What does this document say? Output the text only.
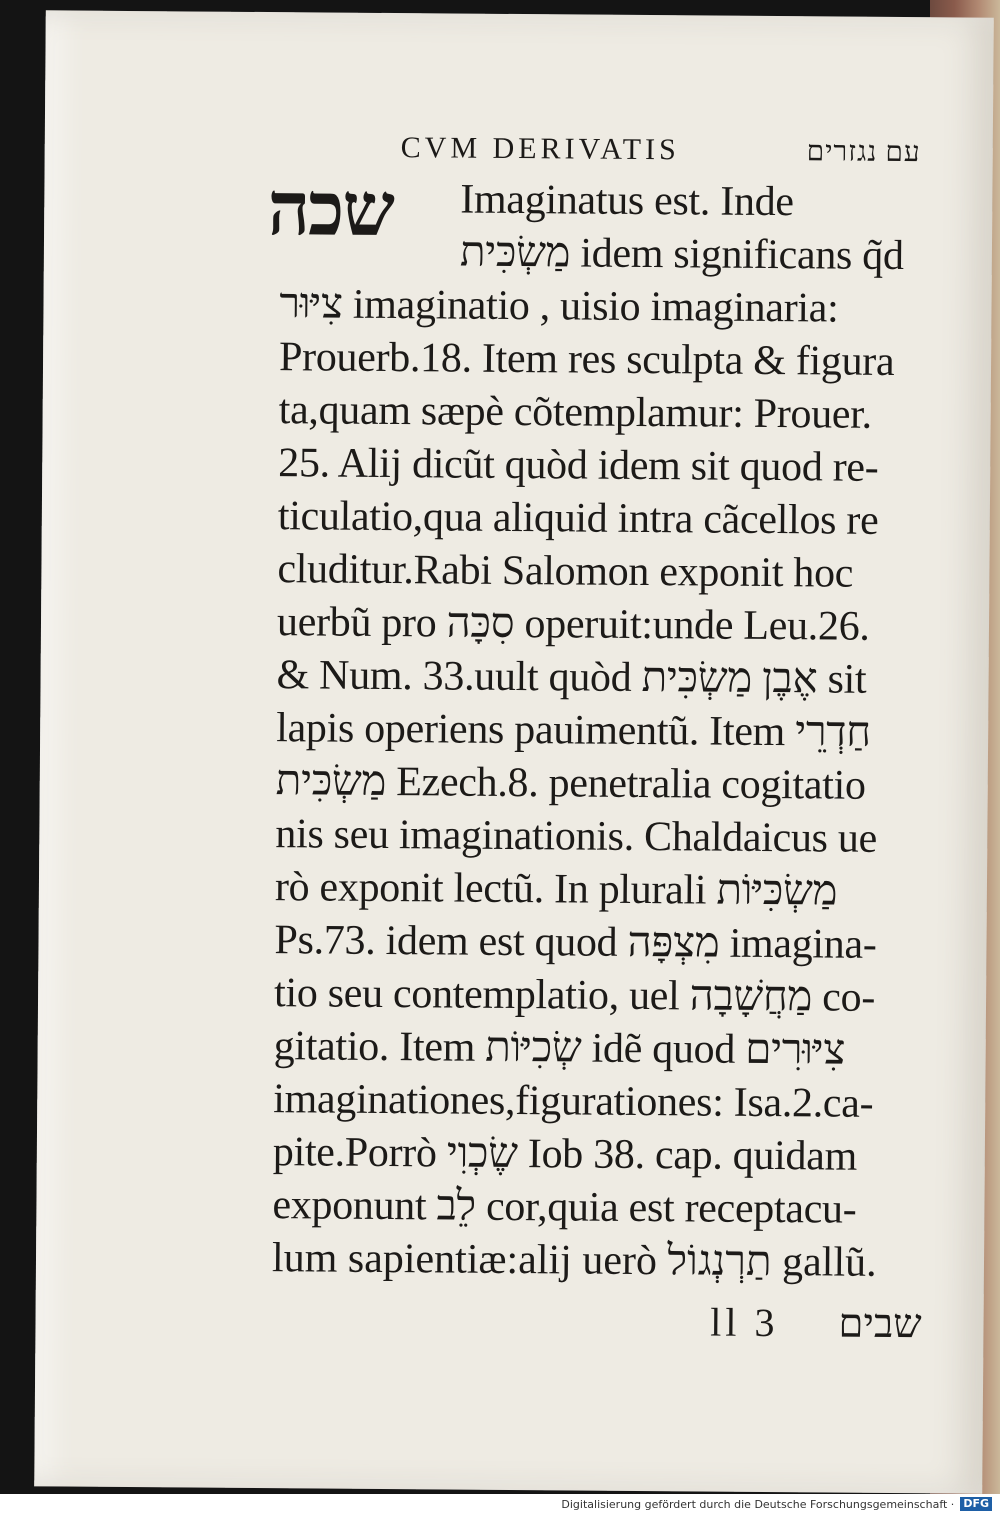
CVM DERIVATIS	עם נגזרים
שכה	Imaginatus est. Inde
מַשְׂכִּית idem significans q̃d
צִיּוּר imaginatio , uisio imaginaria:
Prouerb.18. Item res sculpta & figura
ta,quam sæpè cõtemplamur: Prouer.
25. Alij dicũt quòd idem sit quod re-
ticulatio,qua aliquid intra cãcellos re
cluditur.Rabi Salomon exponit hoc
uerbũ pro סִכָּה operuit:unde Leu.26.
& Num. 33.uult quòd אֶבֶן מַשְׂכִּית sit
lapis operiens pauimentũ. Item חַדְרֵי
מַשְׂכִּית Ezech.8. penetralia cogitatio
nis seu imaginationis. Chaldaicus ue
rò exponit lectũ. In plurali מַשְׂכִּיּוֹת
Ps.73. idem est quod מִצְפָּה imagina-
tio seu contemplatio, uel מַחֲשָׁבָה co-
gitatio. Item שְׂכִיּוֹת idẽ quod צִיּוּרִים
imaginationes,figurationes: Isa.2.ca-
pite.Porrò שֶׂכְוִי Iob 38. cap. quidam
exponunt לֵב cor,quia est receptacu-
lum sapientiæ:alij uerò תַרְנְגוֹל gallũ.
ll 3 שבים
Digitalisierung gefördert durch die Deutsche Forschungsgemeinschaft · DFG
